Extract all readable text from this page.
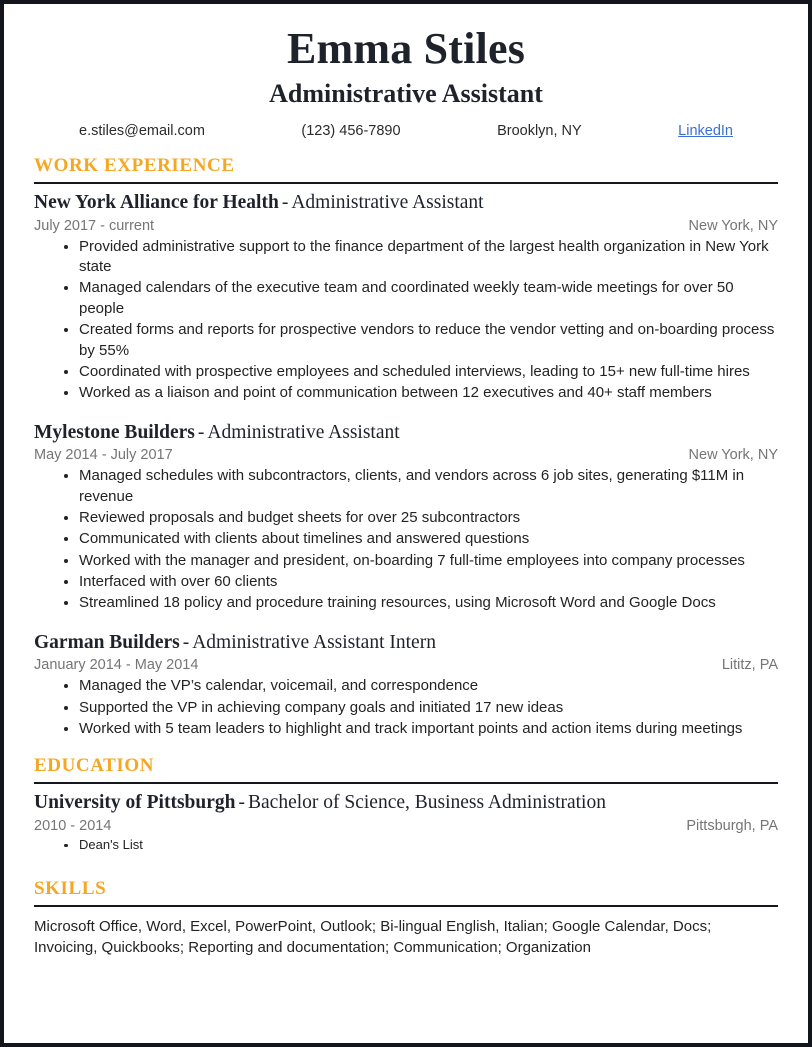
Emma Stiles
Administrative Assistant
e.stiles@email.com	(123) 456-7890	Brooklyn, NY	LinkedIn
WORK EXPERIENCE
New York Alliance for Health - Administrative Assistant
July 2017 - current	New York, NY
Provided administrative support to the finance department of the largest health organization in New York state
Managed calendars of the executive team and coordinated weekly team-wide meetings for over 50 people
Created forms and reports for prospective vendors to reduce the vendor vetting and on-boarding process by 55%
Coordinated with prospective employees and scheduled interviews, leading to 15+ new full-time hires
Worked as a liaison and point of communication between 12 executives and 40+ staff members
Mylestone Builders - Administrative Assistant
May 2014 - July 2017	New York, NY
Managed schedules with subcontractors, clients, and vendors across 6 job sites, generating $11M in revenue
Reviewed proposals and budget sheets for over 25 subcontractors
Communicated with clients about timelines and answered questions
Worked with the manager and president, on-boarding 7 full-time employees into company processes
Interfaced with over 60 clients
Streamlined 18 policy and procedure training resources, using Microsoft Word and Google Docs
Garman Builders - Administrative Assistant Intern
January 2014 - May 2014	Lititz, PA
Managed the VP’s calendar, voicemail, and correspondence
Supported the VP in achieving company goals and initiated 17 new ideas
Worked with 5 team leaders to highlight and track important points and action items during meetings
EDUCATION
University of Pittsburgh - Bachelor of Science, Business Administration
2010 - 2014	Pittsburgh, PA
Dean's List
SKILLS
Microsoft Office, Word, Excel, PowerPoint, Outlook; Bi-lingual English, Italian; Google Calendar, Docs; Invoicing, Quickbooks; Reporting and documentation; Communication; Organization
